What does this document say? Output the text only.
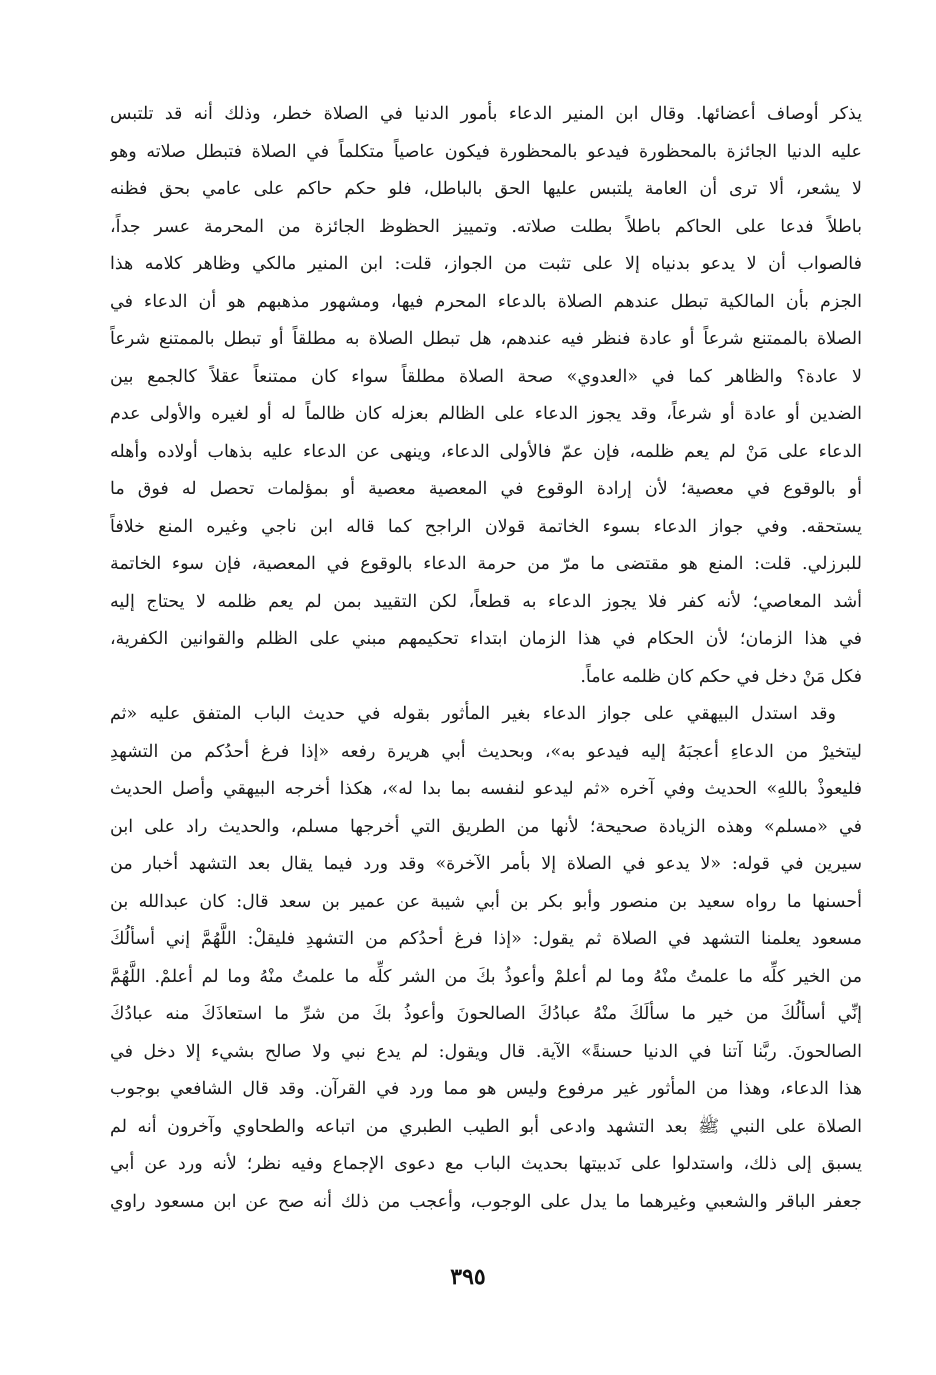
يذكر أوصاف أعضائها. وقال ابن المنير الدعاء بأمور الدنيا في الصلاة خطر، وذلك أنه قد تلتبس
عليه الدنيا الجائزة بالمحظورة فيدعو بالمحظورة فيكون عاصياً متكلماً في الصلاة فتبطل صلاته وهو
لا يشعر، ألا ترى أن العامة يلتبس عليها الحق بالباطل، فلو حكم حاكم على عامي بحق فظنه
باطلاً فدعا على الحاكم باطلاً بطلت صلاته. وتمييز الحظوظ الجائزة من المحرمة عسر جداً،
فالصواب أن لا يدعو بدنياه إلا على تثبت من الجواز، قلت: ابن المنير مالكي وظاهر كلامه هذا
الجزم بأن المالكية تبطل عندهم الصلاة بالدعاء المحرم فيها، ومشهور مذهبهم هو أن الدعاء في
الصلاة بالممتنع شرعاً أو عادة فنظر فيه عندهم، هل تبطل الصلاة به مطلقاً أو تبطل بالممتنع شرعاً
لا عادة؟ والظاهر كما في «العدوي» صحة الصلاة مطلقاً سواء كان ممتنعاً عقلاً كالجمع بين
الضدين أو عادة أو شرعاً، وقد يجوز الدعاء على الظالم بعزله كان ظالماً له أو لغيره والأولى عدم
الدعاء على مَنْ لم يعم ظلمه، فإن عمّ فالأولى الدعاء، وينهى عن الدعاء عليه بذهاب أولاده وأهله
أو بالوقوع في معصية؛ لأن إرادة الوقوع في المعصية معصية أو بمؤلمات تحصل له فوق ما
يستحقه. وفي جواز الدعاء بسوء الخاتمة قولان الراجح كما قاله ابن ناجي وغيره المنع خلافاً
للبرزلي. قلت: المنع هو مقتضى ما مرّ من حرمة الدعاء بالوقوع في المعصية، فإن سوء الخاتمة
أشد المعاصي؛ لأنه كفر فلا يجوز الدعاء به قطعاً، لكن التقييد بمن لم يعم ظلمه لا يحتاج إليه
في هذا الزمان؛ لأن الحكام في هذا الزمان ابتداء تحكيمهم مبني على الظلم والقوانين الكفرية،
فكل مَنْ دخل في حكم كان ظلمه عاماً.
وقد استدل البيهقي على جواز الدعاء بغير المأثور بقوله في حديث الباب المتفق عليه «ثم
ليتخيرْ من الدعاءِ أعجبَهُ إليه فيدعو به»، وبحديث أبي هريرة رفعه «إذا فرغ أحدُكم من التشهدِ
فليعوذْ باللهِ» الحديث وفي آخره «ثم ليدعو لنفسه بما بدا له»، هكذا أخرجه البيهقي وأصل الحديث
في «مسلم» وهذه الزيادة صحيحة؛ لأنها من الطريق التي أخرجها مسلم، والحديث راد على ابن
سيرين في قوله: «لا يدعو في الصلاة إلا بأمر الآخرة» وقد ورد فيما يقال بعد التشهد أخبار من
أحسنها ما رواه سعيد بن منصور وأبو بكر بن أبي شيبة عن عمير بن سعد قال: كان عبدالله بن
مسعود يعلمنا التشهد في الصلاة ثم يقول: «إذا فرغ أحدُكم من التشهدِ فليقلْ: اللَّهُمَّ إني أسألُكَ
من الخير كلِّه ما علمتُ منْهُ وما لم أعلمْ وأعوذُ بكَ من الشر كلِّه ما علمتُ منْهُ وما لم أعلمْ. اللَّهُمَّ
إنِّي أسألُكَ من خير ما سألَكَ منْهُ عبادُكَ الصالحونَ وأعوذُ بكَ من شرِّ ما استعاذَكَ منه عبادُكَ
الصالحونَ. ربَّنا آتنا في الدنيا حسنةً» الآية. قال ويقول: لم يدع نبي ولا صالح بشيء إلا دخل في
هذا الدعاء، وهذا من المأثور غير مرفوع وليس هو مما ورد في القرآن. وقد قال الشافعي بوجوب
الصلاة على النبي ﷺ بعد التشهد وادعى أبو الطيب الطبري من اتباعه والطحاوي وآخرون أنه لم
يسبق إلى ذلك، واستدلوا على نَدبيتها بحديث الباب مع دعوى الإجماع وفيه نظر؛ لأنه ورد عن أبي
جعفر الباقر والشعبي وغيرهما ما يدل على الوجوب، وأعجب من ذلك أنه صح عن ابن مسعود راوي
٣٩٥
